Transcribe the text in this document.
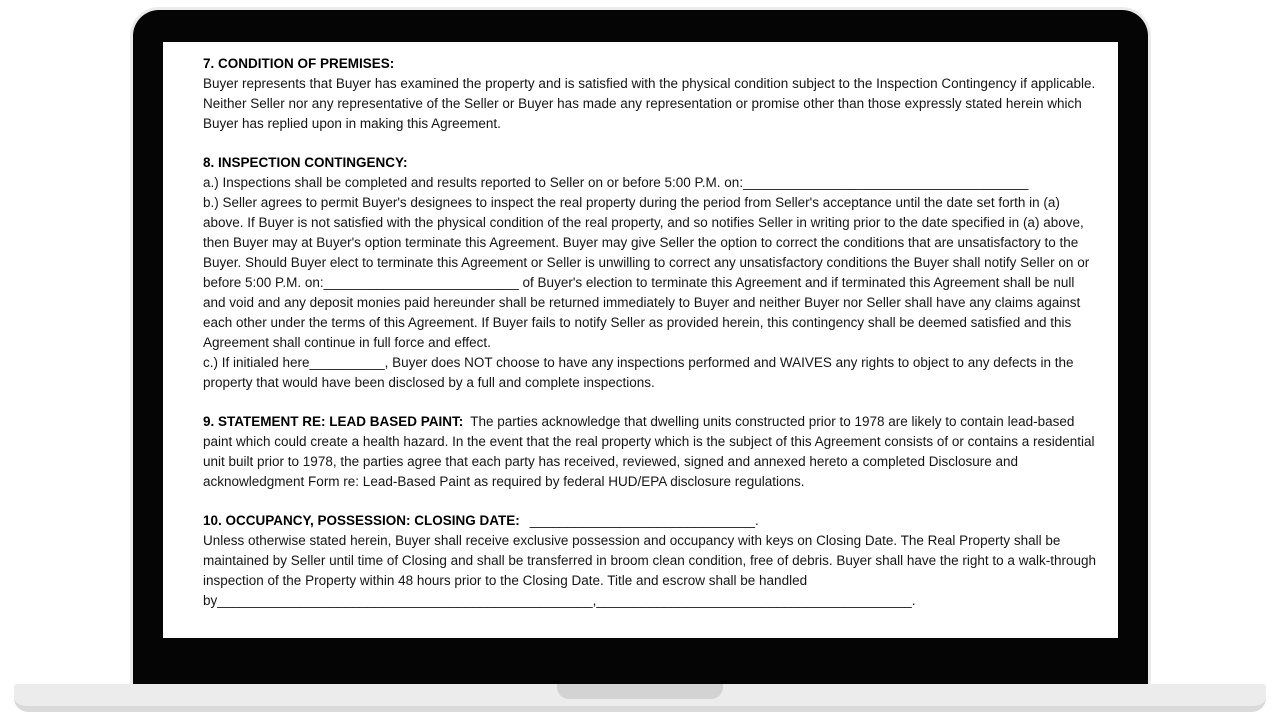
7. CONDITION OF PREMISES:

Buyer represents that Buyer has examined the property and is satisfied with the physical condition subject to the Inspection Contingency if applicable. Neither Seller nor any representative of the Seller or Buyer has made any representation or promise other than those expressly stated herein which Buyer has replied upon in making this Agreement.

8. INSPECTION CONTINGENCY:

a.) Inspections shall be completed and results reported to Seller on or before 5:00 P.M. on:______________________________________

b.) Seller agrees to permit Buyer's designees to inspect the real property during the period from Seller's acceptance until the date set forth in (a) above. If Buyer is not satisfied with the physical condition of the real property, and so notifies Seller in writing prior to the date specified in (a) above, then Buyer may at Buyer's option terminate this Agreement. Buyer may give Seller the option to correct the conditions that are unsatisfactory to the Buyer. Should Buyer elect to terminate this Agreement or Seller is unwilling to correct any unsatisfactory conditions the Buyer shall notify Seller on or before 5:00 P.M. on:__________________________ of Buyer's election to terminate this Agreement and if terminated this Agreement shall be null and void and any deposit monies paid hereunder shall be returned immediately to Buyer and neither Buyer nor Seller shall have any claims against each other under the terms of this Agreement. If Buyer fails to notify Seller as provided herein, this contingency shall be deemed satisfied and this Agreement shall continue in full force and effect.

c.) If initialed here__________, Buyer does NOT choose to have any inspections performed and WAIVES any rights to object to any defects in the property that would have been disclosed by a full and complete inspections.

9. STATEMENT RE: LEAD BASED PAINT: The parties acknowledge that dwelling units constructed prior to 1978 are likely to contain lead-based paint which could create a health hazard. In the event that the real property which is the subject of this Agreement consists of or contains a residential unit built prior to 1978, the parties agree that each party has received, reviewed, signed and annexed hereto a completed Disclosure and acknowledgment Form re: Lead-Based Paint as required by federal HUD/EPA disclosure regulations.

10. OCCUPANCY, POSSESSION: CLOSING DATE: ______________________________.

Unless otherwise stated herein, Buyer shall receive exclusive possession and occupancy with keys on Closing Date. The Real Property shall be maintained by Seller until time of Closing and shall be transferred in broom clean condition, free of debris. Buyer shall have the right to a walk-through inspection of the Property within 48 hours prior to the Closing Date. Title and escrow shall be handled by__________________________________________________,__________________________________________.
